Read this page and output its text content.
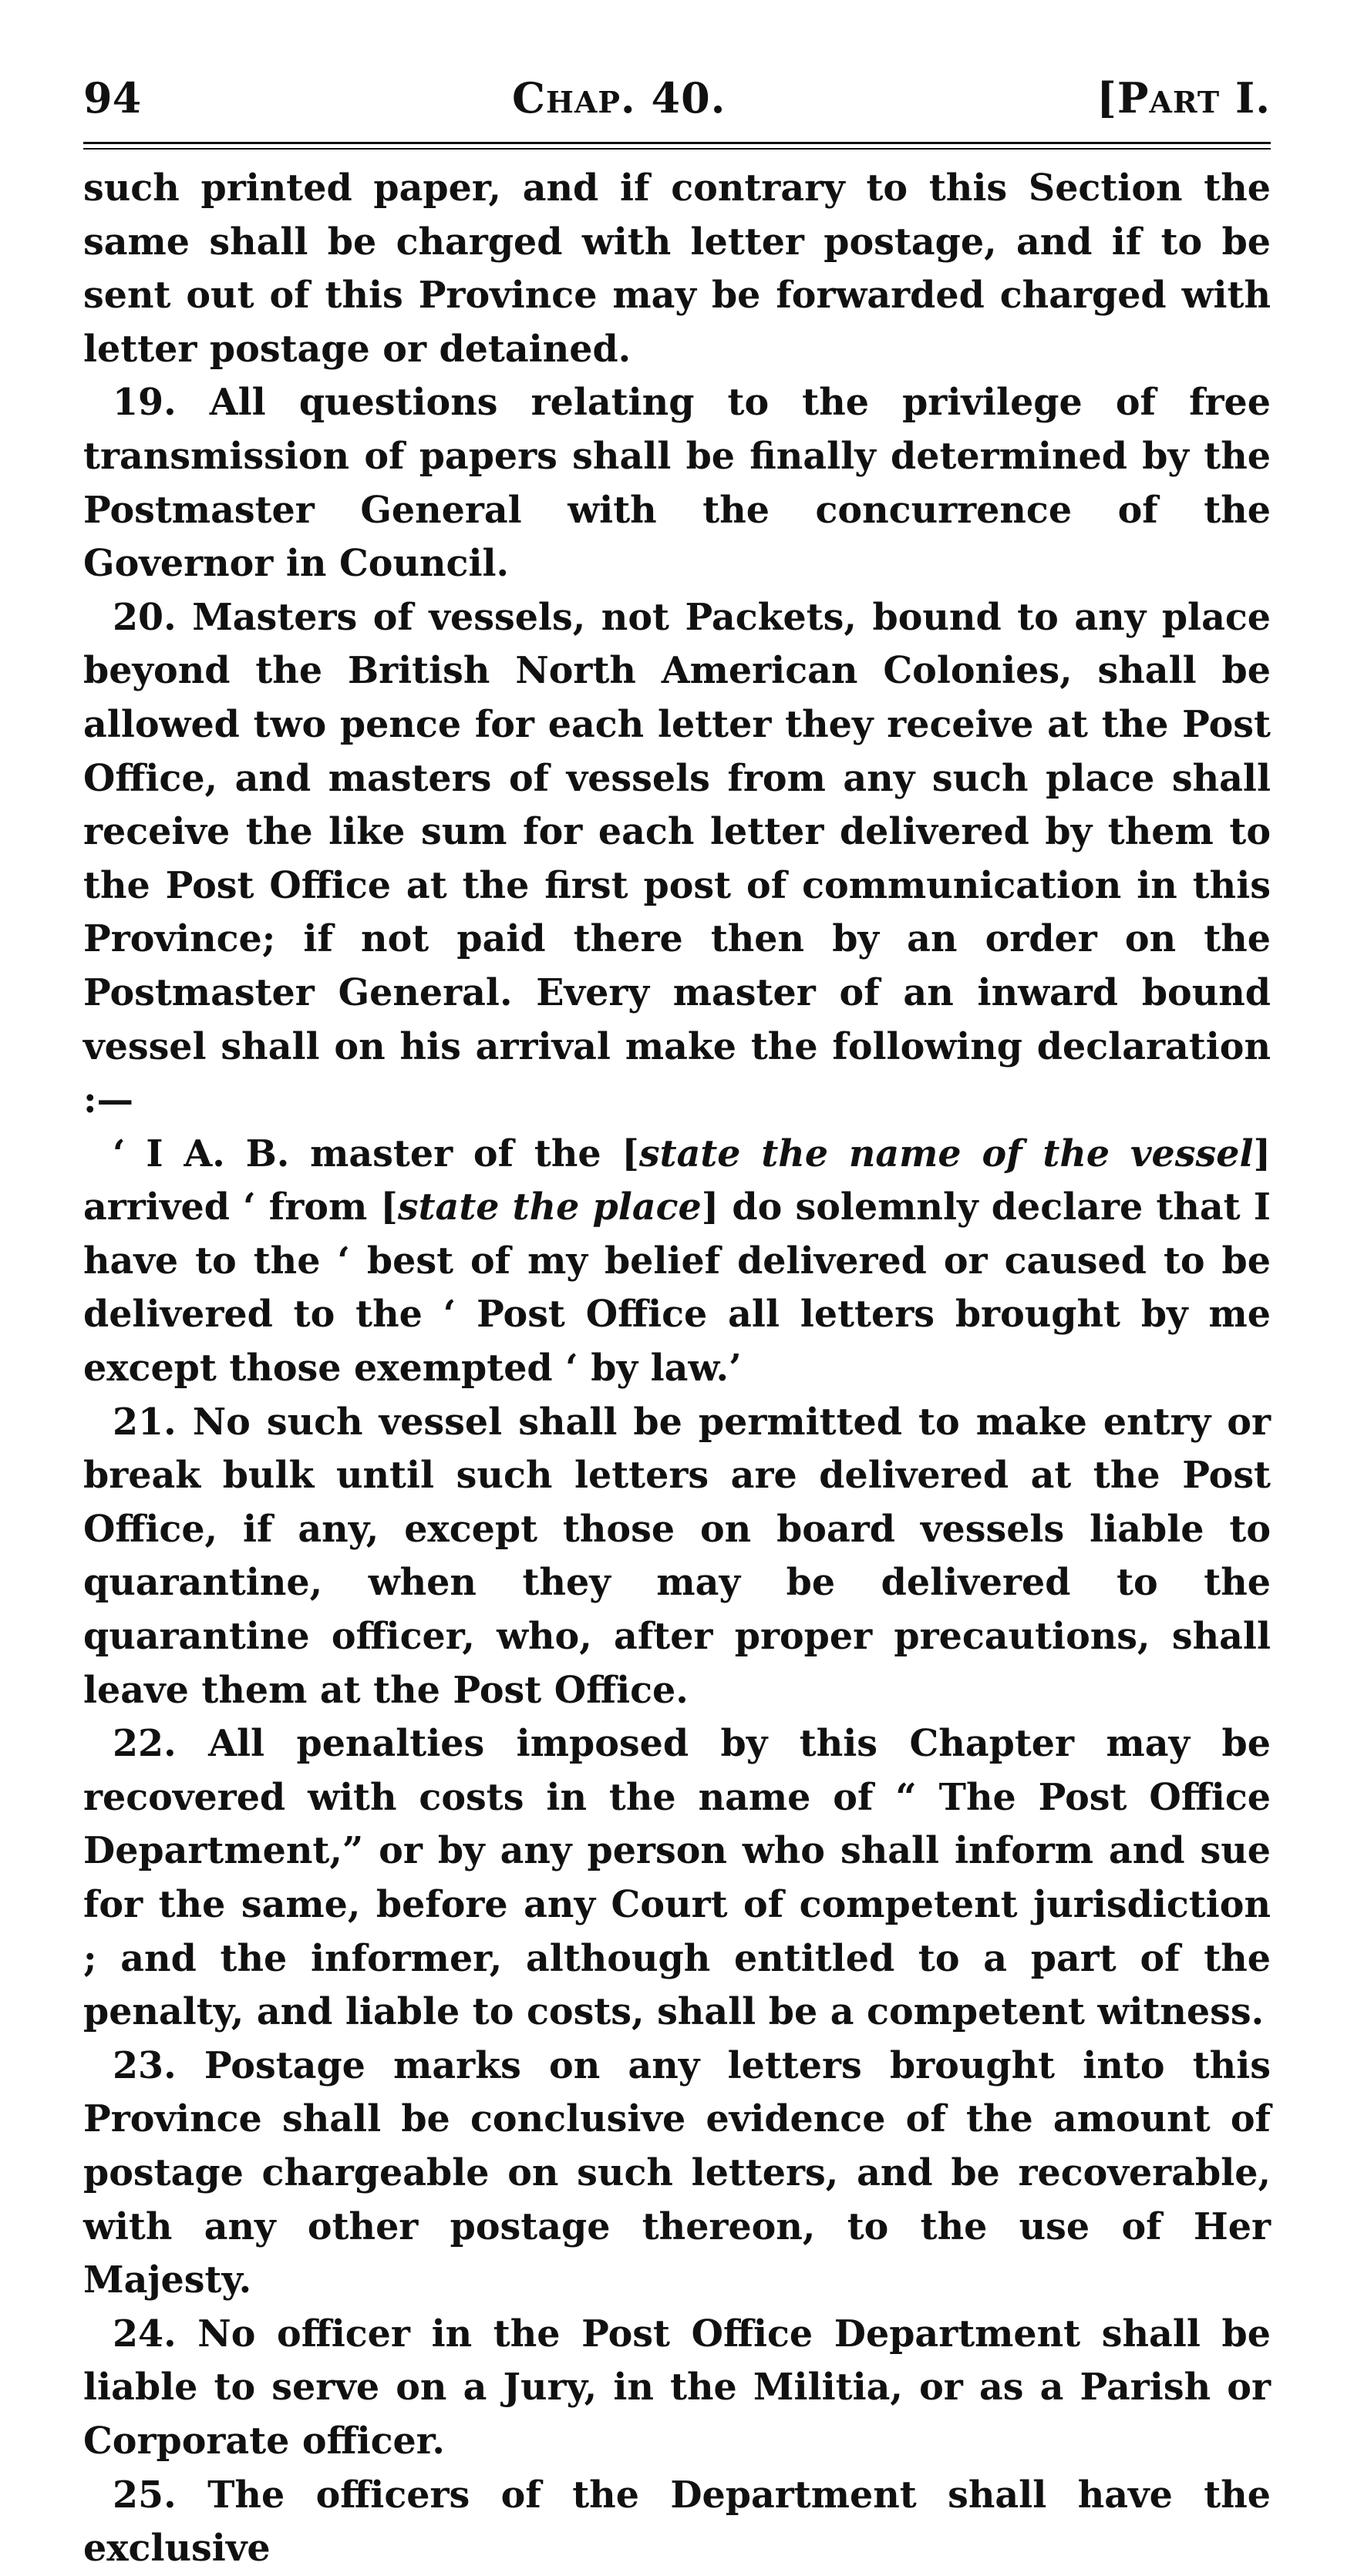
94	Chap. 40.	[Part I.

such printed paper, and if contrary to this Section the same shall be charged with letter postage, and if to be sent out of this Province may be forwarded charged with letter postage or detained.

19. All questions relating to the privilege of free transmission of papers shall be finally determined by the Postmaster General with the concurrence of the Governor in Council.

20. Masters of vessels, not Packets, bound to any place beyond the British North American Colonies, shall be allowed two pence for each letter they receive at the Post Office, and masters of vessels from any such place shall receive the like sum for each letter delivered by them to the Post Office at the first post of communication in this Province; if not paid there then by an order on the Postmaster General. Every master of an inward bound vessel shall on his arrival make the following declaration :—

‘ I A. B. master of the [state the name of the vessel] arrived ‘ from [state the place] do solemnly declare that I have to the ‘ best of my belief delivered or caused to be delivered to the ‘ Post Office all letters brought by me except those exempted ‘ by law.’

21. No such vessel shall be permitted to make entry or break bulk until such letters are delivered at the Post Office, if any, except those on board vessels liable to quarantine, when they may be delivered to the quarantine officer, who, after proper precautions, shall leave them at the Post Office.

22. All penalties imposed by this Chapter may be recovered with costs in the name of “ The Post Office Department,” or by any person who shall inform and sue for the same, before any Court of competent jurisdiction ; and the informer, although entitled to a part of the penalty, and liable to costs, shall be a competent witness.

23. Postage marks on any letters brought into this Province shall be conclusive evidence of the amount of postage chargeable on such letters, and be recoverable, with any other postage thereon, to the use of Her Majesty.

24. No officer in the Post Office Department shall be liable to serve on a Jury, in the Militia, or as a Parish or Corporate officer.

25. The officers of the Department shall have the exclusive
